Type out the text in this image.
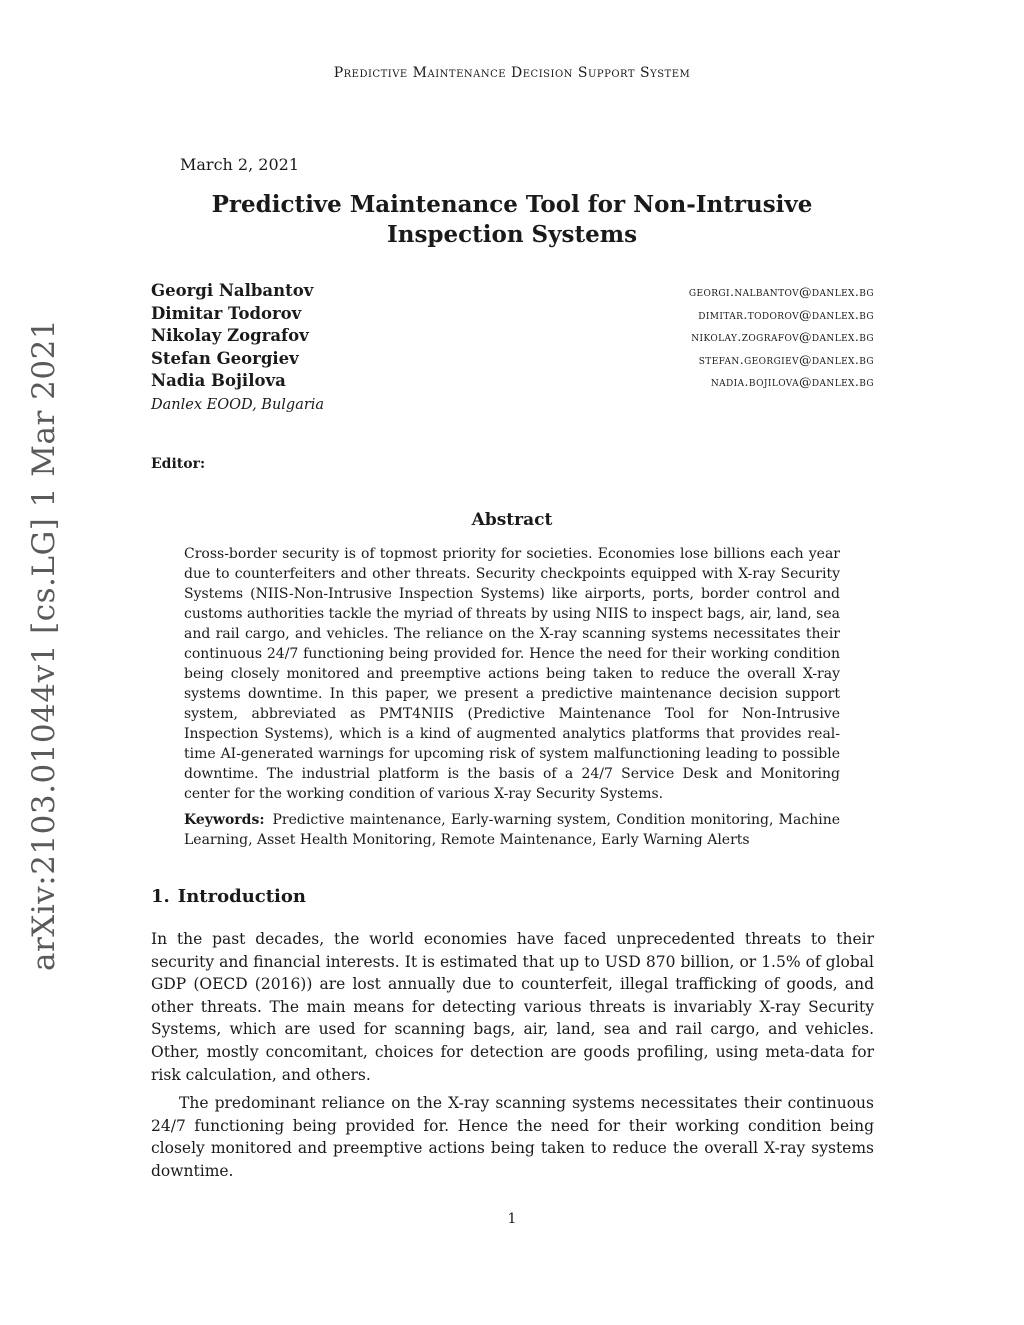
Predictive Maintenance Decision Support System
arXiv:2103.01044v1 [cs.LG] 1 Mar 2021
March 2, 2021
Predictive Maintenance Tool for Non-Intrusive Inspection Systems
Georgi Nalbantov	georgi.nalbantov@danlex.bg
Dimitar Todorov	dimitar.todorov@danlex.bg
Nikolay Zografov	nikolay.zografov@danlex.bg
Stefan Georgiev	stefan.georgiev@danlex.bg
Nadia Bojilova	nadia.bojilova@danlex.bg
Danlex EOOD, Bulgaria
Editor:
Abstract
Cross-border security is of topmost priority for societies. Economies lose billions each year due to counterfeiters and other threats. Security checkpoints equipped with X-ray Security Systems (NIIS-Non-Intrusive Inspection Systems) like airports, ports, border control and customs authorities tackle the myriad of threats by using NIIS to inspect bags, air, land, sea and rail cargo, and vehicles. The reliance on the X-ray scanning systems necessitates their continuous 24/7 functioning being provided for. Hence the need for their working condition being closely monitored and preemptive actions being taken to reduce the overall X-ray systems downtime. In this paper, we present a predictive maintenance decision support system, abbreviated as PMT4NIIS (Predictive Maintenance Tool for Non-Intrusive Inspection Systems), which is a kind of augmented analytics platforms that provides real-time AI-generated warnings for upcoming risk of system malfunctioning leading to possible downtime. The industrial platform is the basis of a 24/7 Service Desk and Monitoring center for the working condition of various X-ray Security Systems.
Keywords: Predictive maintenance, Early-warning system, Condition monitoring, Machine Learning, Asset Health Monitoring, Remote Maintenance, Early Warning Alerts
1. Introduction

In the past decades, the world economies have faced unprecedented threats to their security and financial interests. It is estimated that up to USD 870 billion, or 1.5% of global GDP (OECD (2016)) are lost annually due to counterfeit, illegal trafficking of goods, and other threats. The main means for detecting various threats is invariably X-ray Security Systems, which are used for scanning bags, air, land, sea and rail cargo, and vehicles. Other, mostly concomitant, choices for detection are goods profiling, using meta-data for risk calculation, and others.

The predominant reliance on the X-ray scanning systems necessitates their continuous 24/7 functioning being provided for. Hence the need for their working condition being closely monitored and preemptive actions being taken to reduce the overall X-ray systems downtime.

1
